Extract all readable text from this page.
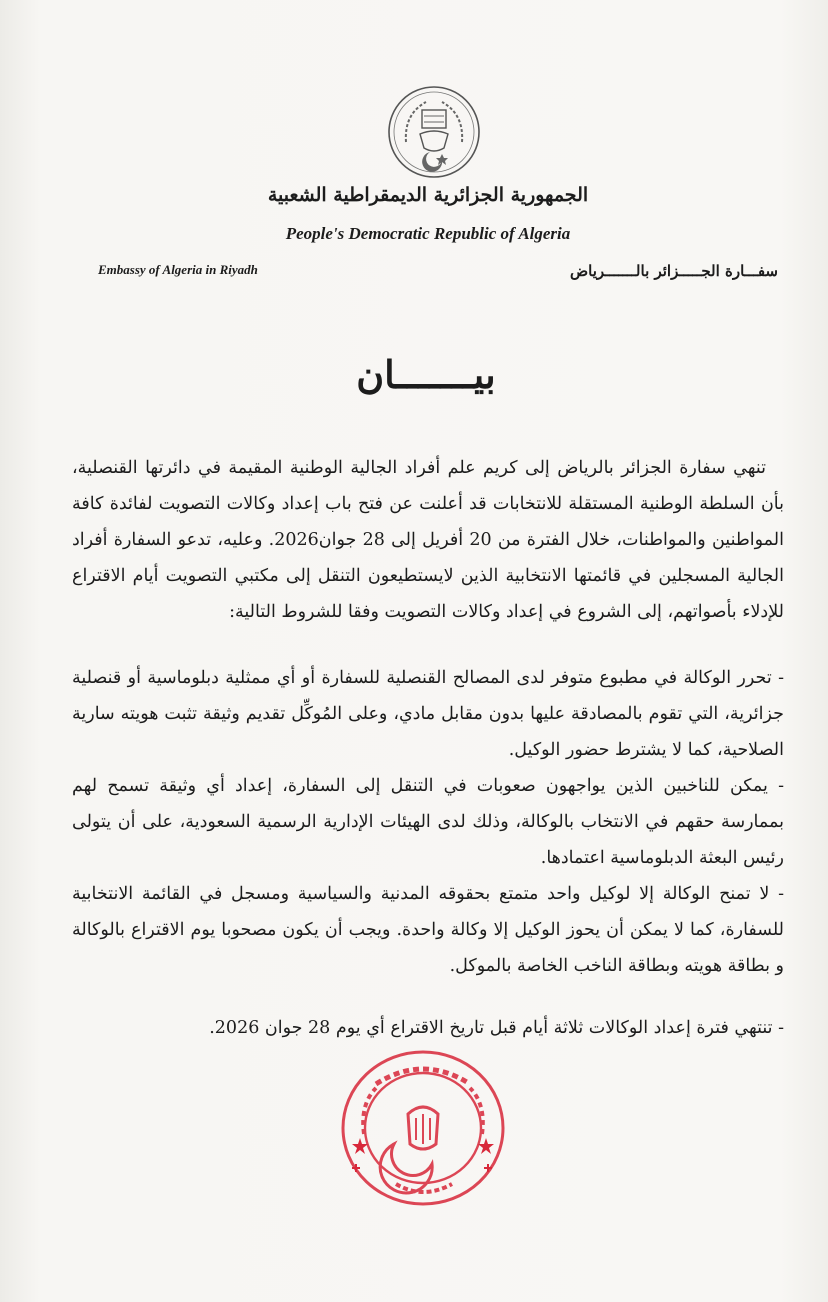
الجمهورية الجزائرية الديمقراطية الشعبية
People's Democratic Republic of Algeria
Embassy of Algeria in Riyadh	سفـــارة الجـــــزائر بالـــــــرياض
بيـــــــان
تنهي سفارة الجزائر بالرياض إلى كريم علم أفراد الجالية الوطنية المقيمة في دائرتها القنصلية، بأن السلطة الوطنية المستقلة للانتخابات قد أعلنت عن فتح باب إعداد وكالات التصويت لفائدة كافة المواطنين والمواطنات، خلال الفترة من 20 أفريل إلى 28 جوان2026. وعليه، تدعو السفارة أفراد الجالية المسجلين في قائمتها الانتخابية الذين لايستطيعون التنقل إلى مكتبي التصويت أيام الاقتراع للإدلاء بأصواتهم، إلى الشروع في إعداد وكالات التصويت وفقا للشروط التالية:
- تحرر الوكالة في مطبوع متوفر لدى المصالح القنصلية للسفارة أو أي ممثلية دبلوماسية أو قنصلية جزائرية، التي تقوم بالمصادقة عليها بدون مقابل مادي، وعلى المُوكِّل تقديم وثيقة تثبت هويته سارية الصلاحية، كما لا يشترط حضور الوكيل.
- يمكن للناخبين الذين يواجهون صعوبات في التنقل إلى السفارة، إعداد أي وثيقة تسمح لهم بممارسة حقهم في الانتخاب بالوكالة، وذلك لدى الهيئات الإدارية الرسمية السعودية، على أن يتولى رئيس البعثة الدبلوماسية اعتمادها.
- لا تمنح الوكالة إلا لوكيل واحد متمتع بحقوقه المدنية والسياسية ومسجل في القائمة الانتخابية للسفارة، كما لا يمكن أن يحوز الوكيل إلا وكالة واحدة. ويجب أن يكون مصحوبا يوم الاقتراع بالوكالة و بطاقة هويته وبطاقة الناخب الخاصة بالموكل.
- تنتهي فترة إعداد الوكالات ثلاثة أيام قبل تاريخ الاقتراع أي يوم 28 جوان 2026.
